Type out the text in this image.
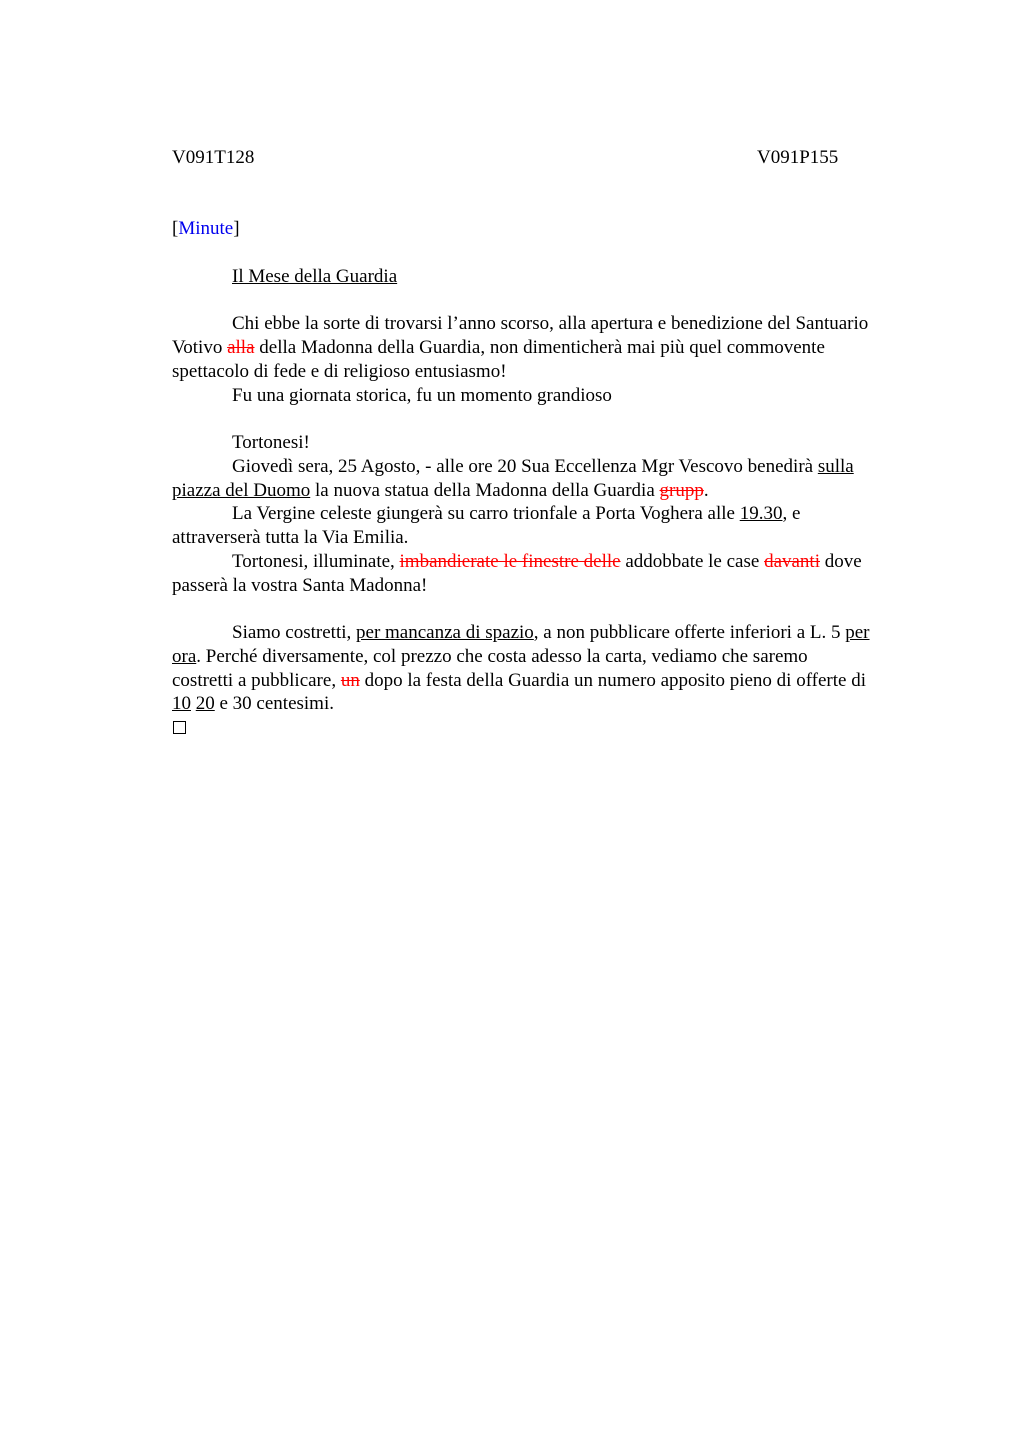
V091T128	V091P155
[Minute]
Il Mese della Guardia
Chi ebbe la sorte di trovarsi l’anno scorso, alla apertura e benedizione del Santuario
Votivo alla della Madonna della Guardia, non dimenticherà mai più quel commovente
spettacolo di fede e di religioso entusiasmo!
Fu una giornata storica, fu un momento grandioso
Tortonesi!
Giovedì sera, 25 Agosto, - alle ore 20 Sua Eccellenza Mgr Vescovo benedirà sulla
piazza del Duomo la nuova statua della Madonna della Guardia grupp.
La Vergine celeste giungerà su carro trionfale a Porta Voghera alle 19.30, e
attraverserà tutta la Via Emilia.
Tortonesi, illuminate, imbandierate le finestre delle addobbate le case davanti dove
passerà la vostra Santa Madonna!
Siamo costretti, per mancanza di spazio, a non pubblicare offerte inferiori a L. 5 per
ora. Perché diversamente, col prezzo che costa adesso la carta, vediamo che saremo
costretti a pubblicare, un dopo la festa della Guardia un numero apposito pieno di offerte di
10 20 e 30 centesimi.
